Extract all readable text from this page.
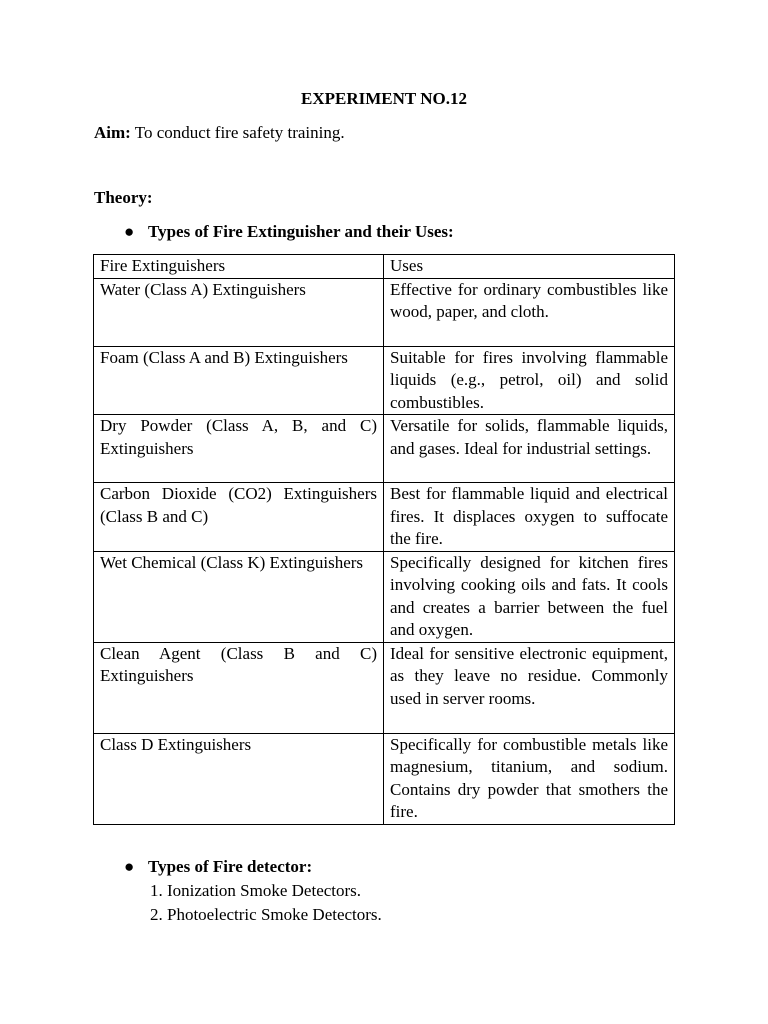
EXPERIMENT NO.12
Aim: To conduct fire safety training.
Theory:
● Types of Fire Extinguisher and their Uses:
Fire Extinguishers	Uses
Water (Class A) Extinguishers	Effective for ordinary combustibles like wood, paper, and cloth.
Foam (Class A and B) Extinguishers	Suitable for fires involving flammable liquids (e.g., petrol, oil) and solid combustibles.
Dry Powder (Class A, B, and C) Extinguishers	Versatile for solids, flammable liquids, and gases. Ideal for industrial settings.
Carbon Dioxide (CO2) Extinguishers (Class B and C)	Best for flammable liquid and electrical fires. It displaces oxygen to suffocate the fire.
Wet Chemical (Class K) Extinguishers	Specifically designed for kitchen fires involving cooking oils and fats. It cools and creates a barrier between the fuel and oxygen.
Clean Agent (Class B and C) Extinguishers	Ideal for sensitive electronic equipment, as they leave no residue. Commonly used in server rooms.
Class D Extinguishers	Specifically for combustible metals like magnesium, titanium, and sodium. Contains dry powder that smothers the fire.
● Types of Fire detector:
1. Ionization Smoke Detectors.
2. Photoelectric Smoke Detectors.
